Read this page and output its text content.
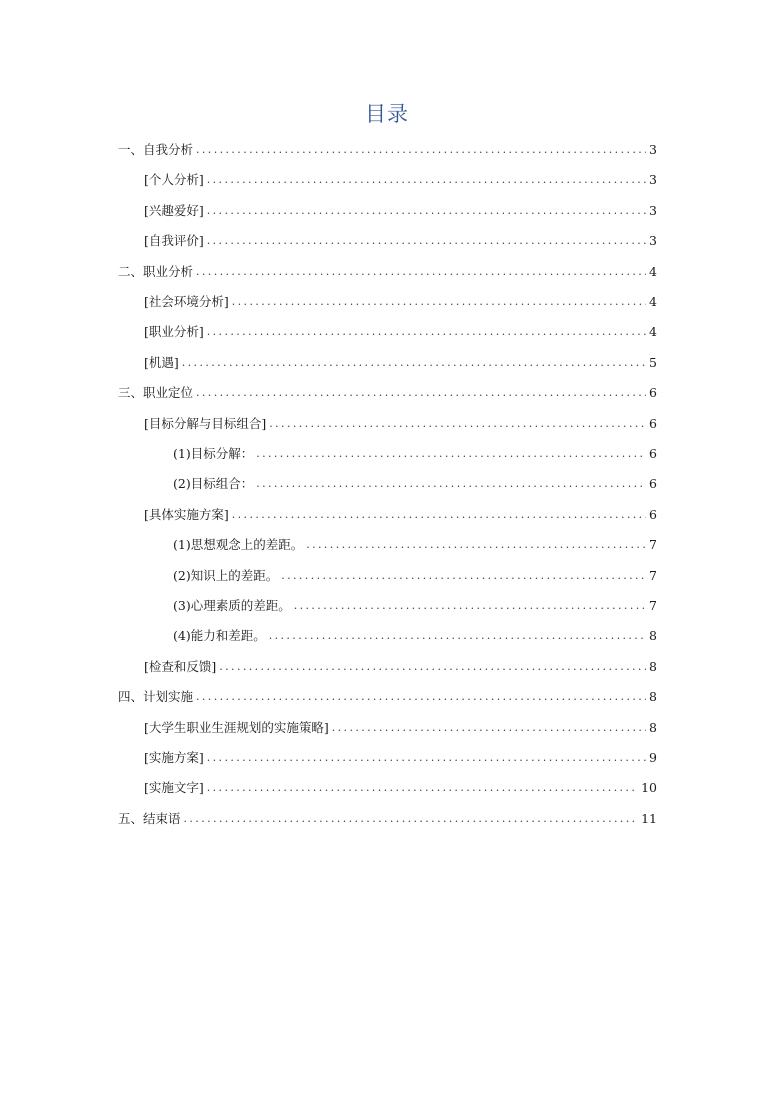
目录
一、自我分析 .....	3
[个人分析] .....	3
[兴趣爱好] .....	3
[自我评价] .....	3
二、职业分析 .....	4
[社会环境分析] .....	4
[职业分析] .....	4
[机遇] .....	5
三、职业定位 .....	6
[目标分解与目标组合] .....	6
(1)目标分解： .....	6
(2)目标组合： .....	6
[具体实施方案] .....	6
(1)思想观念上的差距。 .....	7
(2)知识上的差距。 .....	7
(3)心理素质的差距。 .....	7
(4)能力和差距。 .....	8
[检查和反馈] .....	8
四、计划实施 .....	8
[大学生职业生涯规划的实施策略] .....	8
[实施方案] .....	9
[实施文字] .....	10
五、结束语 .....	11
